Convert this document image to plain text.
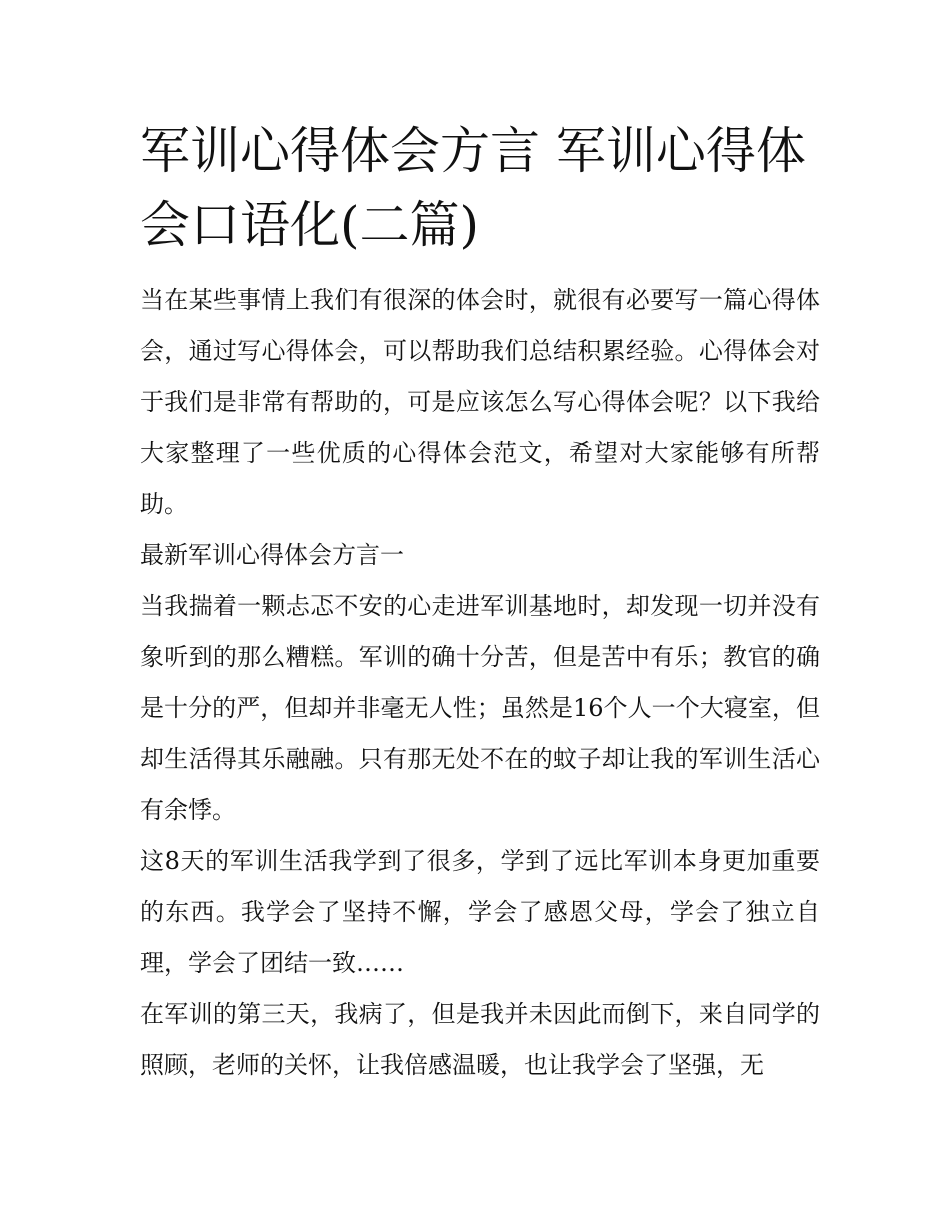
军训心得体会方言 军训心得体会口语化(二篇)

当在某些事情上我们有很深的体会时，就很有必要写一篇心得体会，通过写心得体会，可以帮助我们总结积累经验。心得体会对于我们是非常有帮助的，可是应该怎么写心得体会呢？以下我给大家整理了一些优质的心得体会范文，希望对大家能够有所帮助。

最新军训心得体会方言一

当我揣着一颗忐忑不安的心走进军训基地时，却发现一切并没有象听到的那么糟糕。军训的确十分苦，但是苦中有乐；教官的确是十分的严，但却并非毫无人性；虽然是16个人一个大寝室，但却生活得其乐融融。只有那无处不在的蚊子却让我的军训生活心有余悸。

这8天的军训生活我学到了很多，学到了远比军训本身更加重要的东西。我学会了坚持不懈，学会了感恩父母，学会了独立自理，学会了团结一致……

在军训的第三天，我病了，但是我并未因此而倒下，来自同学的照顾，老师的关怀，让我倍感温暖，也让我学会了坚强，无
